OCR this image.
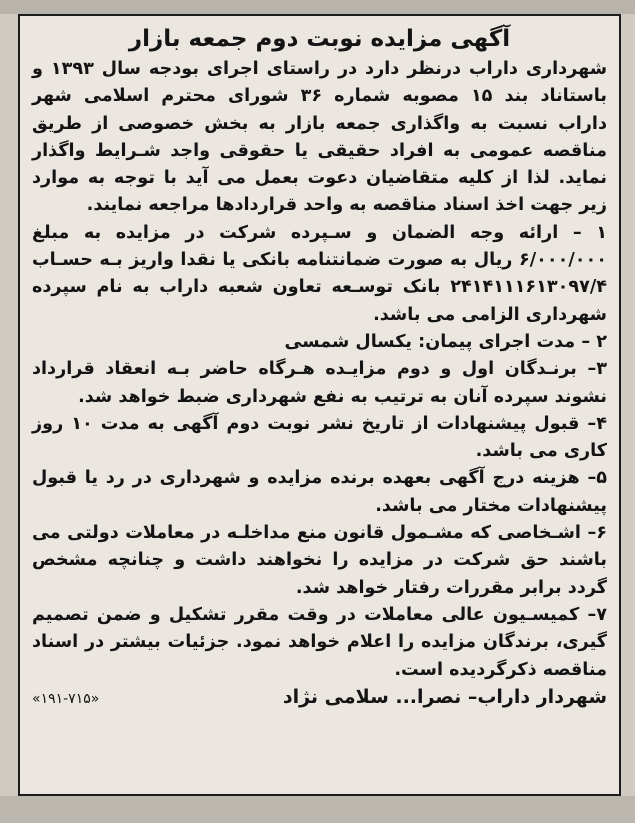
آگهی مزایده نوبت دوم جمعه بازار

شهرداری داراب درنظر دارد در راستای اجرای بودجه سال ۱۳۹۳ و باستاناد بند ۱۵ مصوبه شماره ۳۶ شورای محترم اسلامی شهر داراب نسبت به واگذاری جمعه بازار به بخش خصوصی از طریق مناقصه عمومی به افراد حقیقی یا حقوقی واجد شـرایط واگذار نماید. لذا از کلیه متقاضیان دعوت بعمل می آید با توجه به موارد زیر جهت اخذ اسناد مناقصه به واحد قراردادها مراجعه نمایند.

۱ – ارائه وجه الضمان و سـپرده شرکت در مزایده به مبلغ ۶/۰۰۰/۰۰۰ ریال به صورت ضمانتنامه بانکی یا نقدا واریز بـه حسـاب ۲۴۱۴۱۱۱۶۱۳۰۹۷/۴ بانک توسـعه تعاون شعبه داراب به نام سپرده شهرداری الزامی می باشد.

۲ – مدت اجرای پیمان: یکسال شمسی

۳– برنـدگان اول و دوم مزایـده هـرگاه حاضر بـه انعقاد قرارداد نشوند سپرده آنان به ترتیب به نفع شهرداری ضبط خواهد شد.

۴– قبول پیشنهادات از تاریخ نشر نوبت دوم آگهی به مدت ۱۰ روز کاری می باشد.

۵– هزینه درج آگهی بعهده برنده مزایده و شهرداری در رد یا قبول پیشنهادات مختار می باشد.

۶– اشـخاصی که مشـمول قانون منع مداخلـه در معاملات دولتی می باشند حق شرکت در مزایده را نخواهند داشت و چنانچه مشخص گردد برابر مقررات رفتار خواهد شد.

۷– کمیسـیون عالی معاملات در وقت مقرر تشکیل و ضمن تصمیم گیری، برندگان مزایده را اعلام خواهد نمود. جزئیات بیشتر در اسناد مناقصه ذکرگردیده است.

شهردار داراب– نصرا... سلامی نژاد
«۱۹۱-۷۱۵»
